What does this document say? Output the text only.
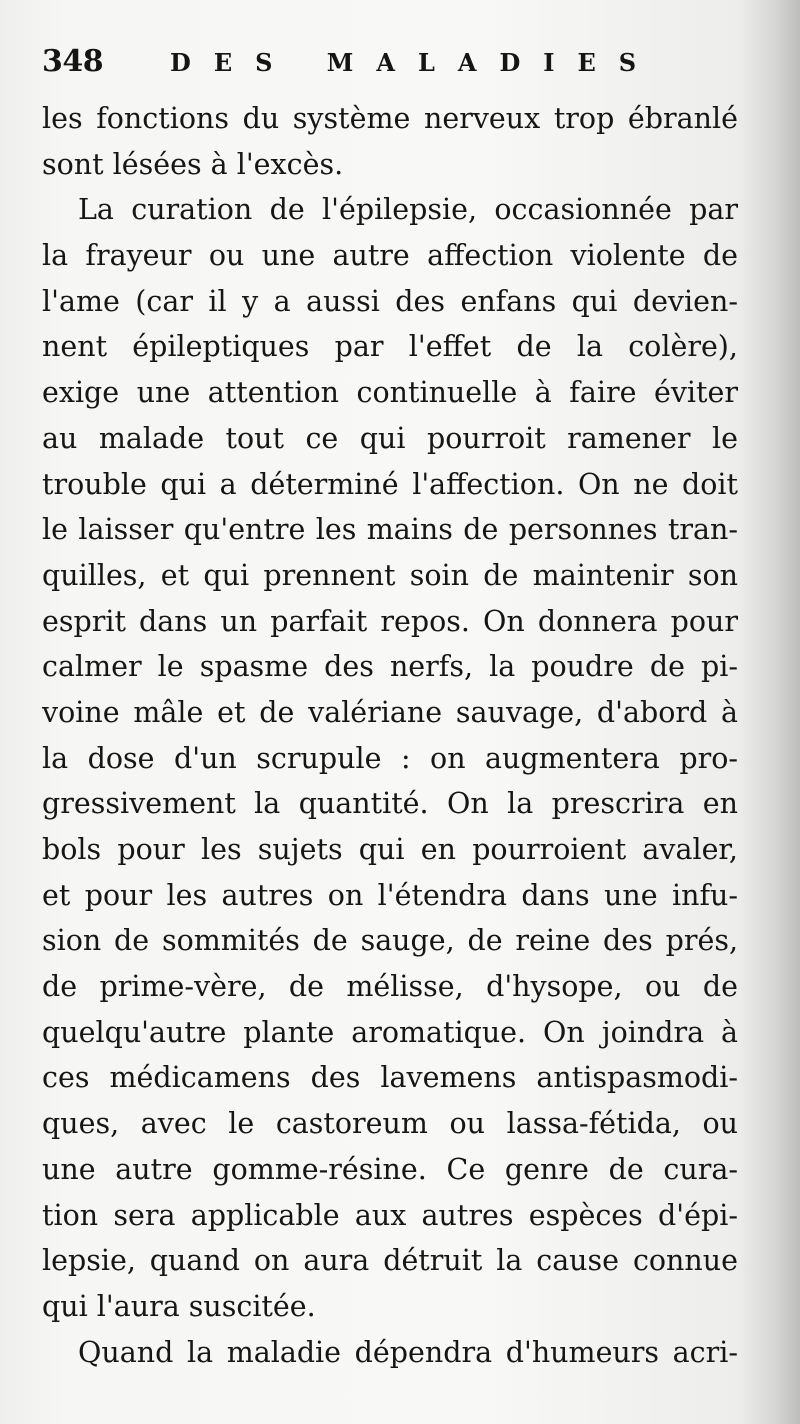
348	DES MALADIES
les fonctions du système nerveux trop ébranlé
sont lésées à l'excès.
La curation de l'épilepsie, occasionnée par
la frayeur ou une autre affection violente de
l'ame (car il y a aussi des enfans qui devien-
nent épileptiques par l'effet de la colère),
exige une attention continuelle à faire éviter
au malade tout ce qui pourroit ramener le
trouble qui a déterminé l'affection. On ne doit
le laisser qu'entre les mains de personnes tran-
quilles, et qui prennent soin de maintenir son
esprit dans un parfait repos. On donnera pour
calmer le spasme des nerfs, la poudre de pi-
voine mâle et de valériane sauvage, d'abord à
la dose d'un scrupule : on augmentera pro-
gressivement la quantité. On la prescrira en
bols pour les sujets qui en pourroient avaler,
et pour les autres on l'étendra dans une infu-
sion de sommités de sauge, de reine des prés,
de prime-vère, de mélisse, d'hysope, ou de
quelqu'autre plante aromatique. On joindra à
ces médicamens des lavemens antispasmodi-
ques, avec le castoreum ou lassa-fétida, ou
une autre gomme-résine. Ce genre de cura-
tion sera applicable aux autres espèces d'épi-
lepsie, quand on aura détruit la cause connue
qui l'aura suscitée.
Quand la maladie dépendra d'humeurs acri-
